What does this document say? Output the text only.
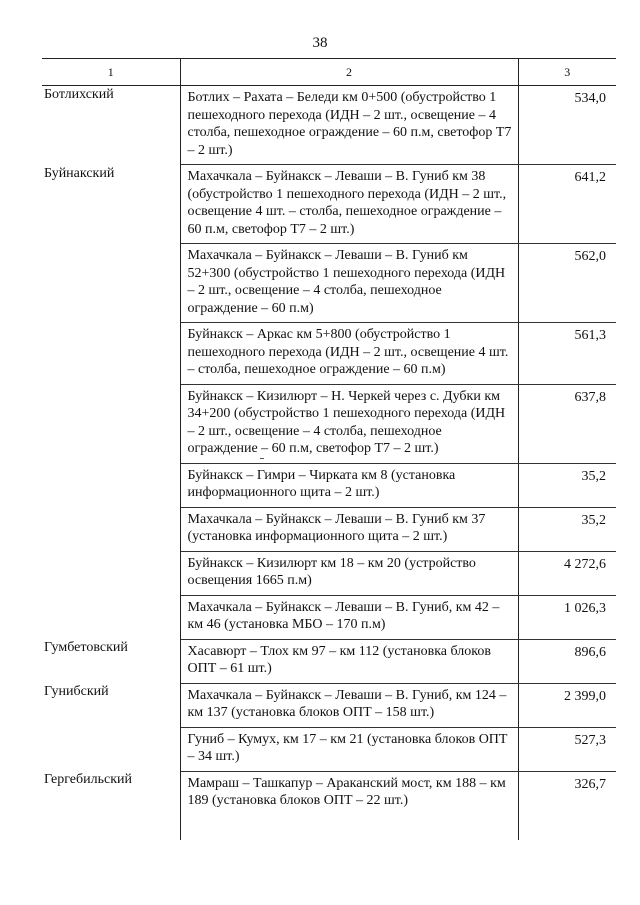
38
1	2	3
Ботлихский	Ботлих – Рахата – Беледи км 0+500 (обустройство 1 пешеходного перехода (ИДН – 2 шт., освещение – 4 столба, пешеходное ограждение – 60 п.м, светофор Т7 – 2 шт.)	534,0
Буйнакский	Махачкала – Буйнакск – Леваши – В. Гуниб км 38 (обустройство 1 пешеходного перехода (ИДН – 2 шт., освещение 4 шт. – столба, пешеходное ограждение – 60 п.м, светофор Т7 – 2 шт.)	641,2
	Махачкала – Буйнакск – Леваши – В. Гуниб км 52+300 (обустройство 1 пешеходного перехода (ИДН – 2 шт., освещение – 4 столба, пешеходное ограждение – 60 п.м)	562,0
	Буйнакск – Аркас км 5+800 (обустройство 1 пешеходного перехода (ИДН – 2 шт., освещение 4 шт. – столба, пешеходное ограждение – 60 п.м)	561,3
	Буйнакск – Кизилюрт – Н. Черкей через с. Дубки км 34+200 (обустройство 1 пешеходного перехода (ИДН – 2 шт., освещение – 4 столба, пешеходное ограждение – 60 п.м, светофор Т7 – 2 шт.)	637,8
	Буйнакск – Гимри – Чирката км 8 (установка информационного щита – 2 шт.)	35,2
	Махачкала – Буйнакск – Леваши – В. Гуниб км 37 (установка информационного щита – 2 шт.)	35,2
	Буйнакск – Кизилюрт км 18 – км 20 (устройство освещения 1665 п.м)	4 272,6
	Махачкала – Буйнакск – Леваши – В. Гуниб, км 42 – км 46 (установка МБО – 170 п.м)	1 026,3
Гумбетовский	Хасавюрт – Тлох км 97 – км 112 (установка блоков ОПТ – 61 шт.)	896,6
Гунибский	Махачкала – Буйнакск – Леваши – В. Гуниб, км 124 – км 137 (установка блоков ОПТ – 158 шт.)	2 399,0
	Гуниб – Кумух, км 17 – км 21 (установка блоков ОПТ – 34 шт.)	527,3
Гергебильский	Мамраш – Ташкапур – Араканский мост, км 188 – км 189 (установка блоков ОПТ – 22 шт.)	326,7
